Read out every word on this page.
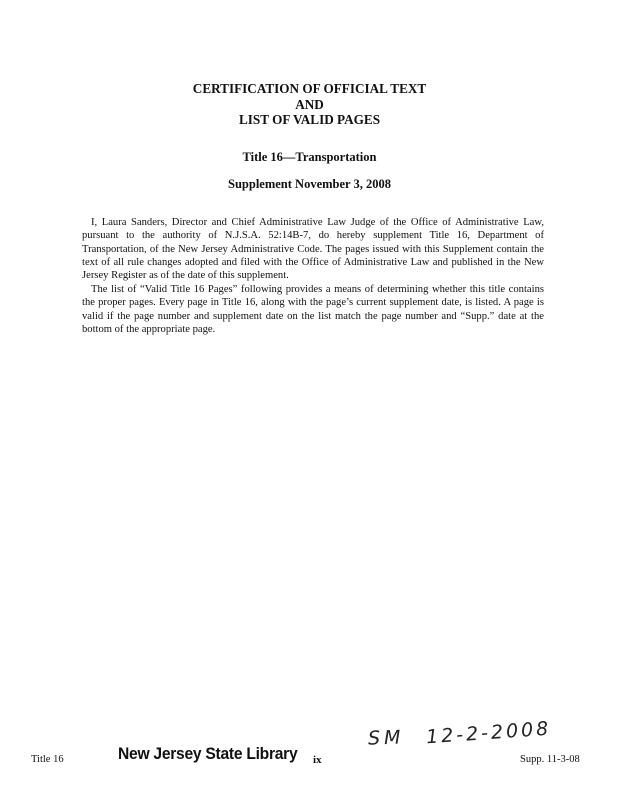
CERTIFICATION OF OFFICIAL TEXT
AND
LIST OF VALID PAGES
Title 16—Transportation
Supplement November 3, 2008

I, Laura Sanders, Director and Chief Administrative Law Judge of the Office of Administrative Law, pursuant to the authority of N.J.S.A. 52:14B-7, do hereby supplement Title 16, Department of Transportation, of the New Jersey Administrative Code. The pages issued with this Supplement contain the text of all rule changes adopted and filed with the Office of Administrative Law and published in the New Jersey Register as of the date of this supplement.

The list of “Valid Title 16 Pages” following provides a means of determining whether this title contains the proper pages. Every page in Title 16, along with the page’s current supplement date, is listed. A page is valid if the page number and supplement date on the list match the page number and “Supp.” date at the bottom of the appropriate page.

SM 12-2-2008
Title 16	New Jersey State Library ix	Supp. 11-3-08
